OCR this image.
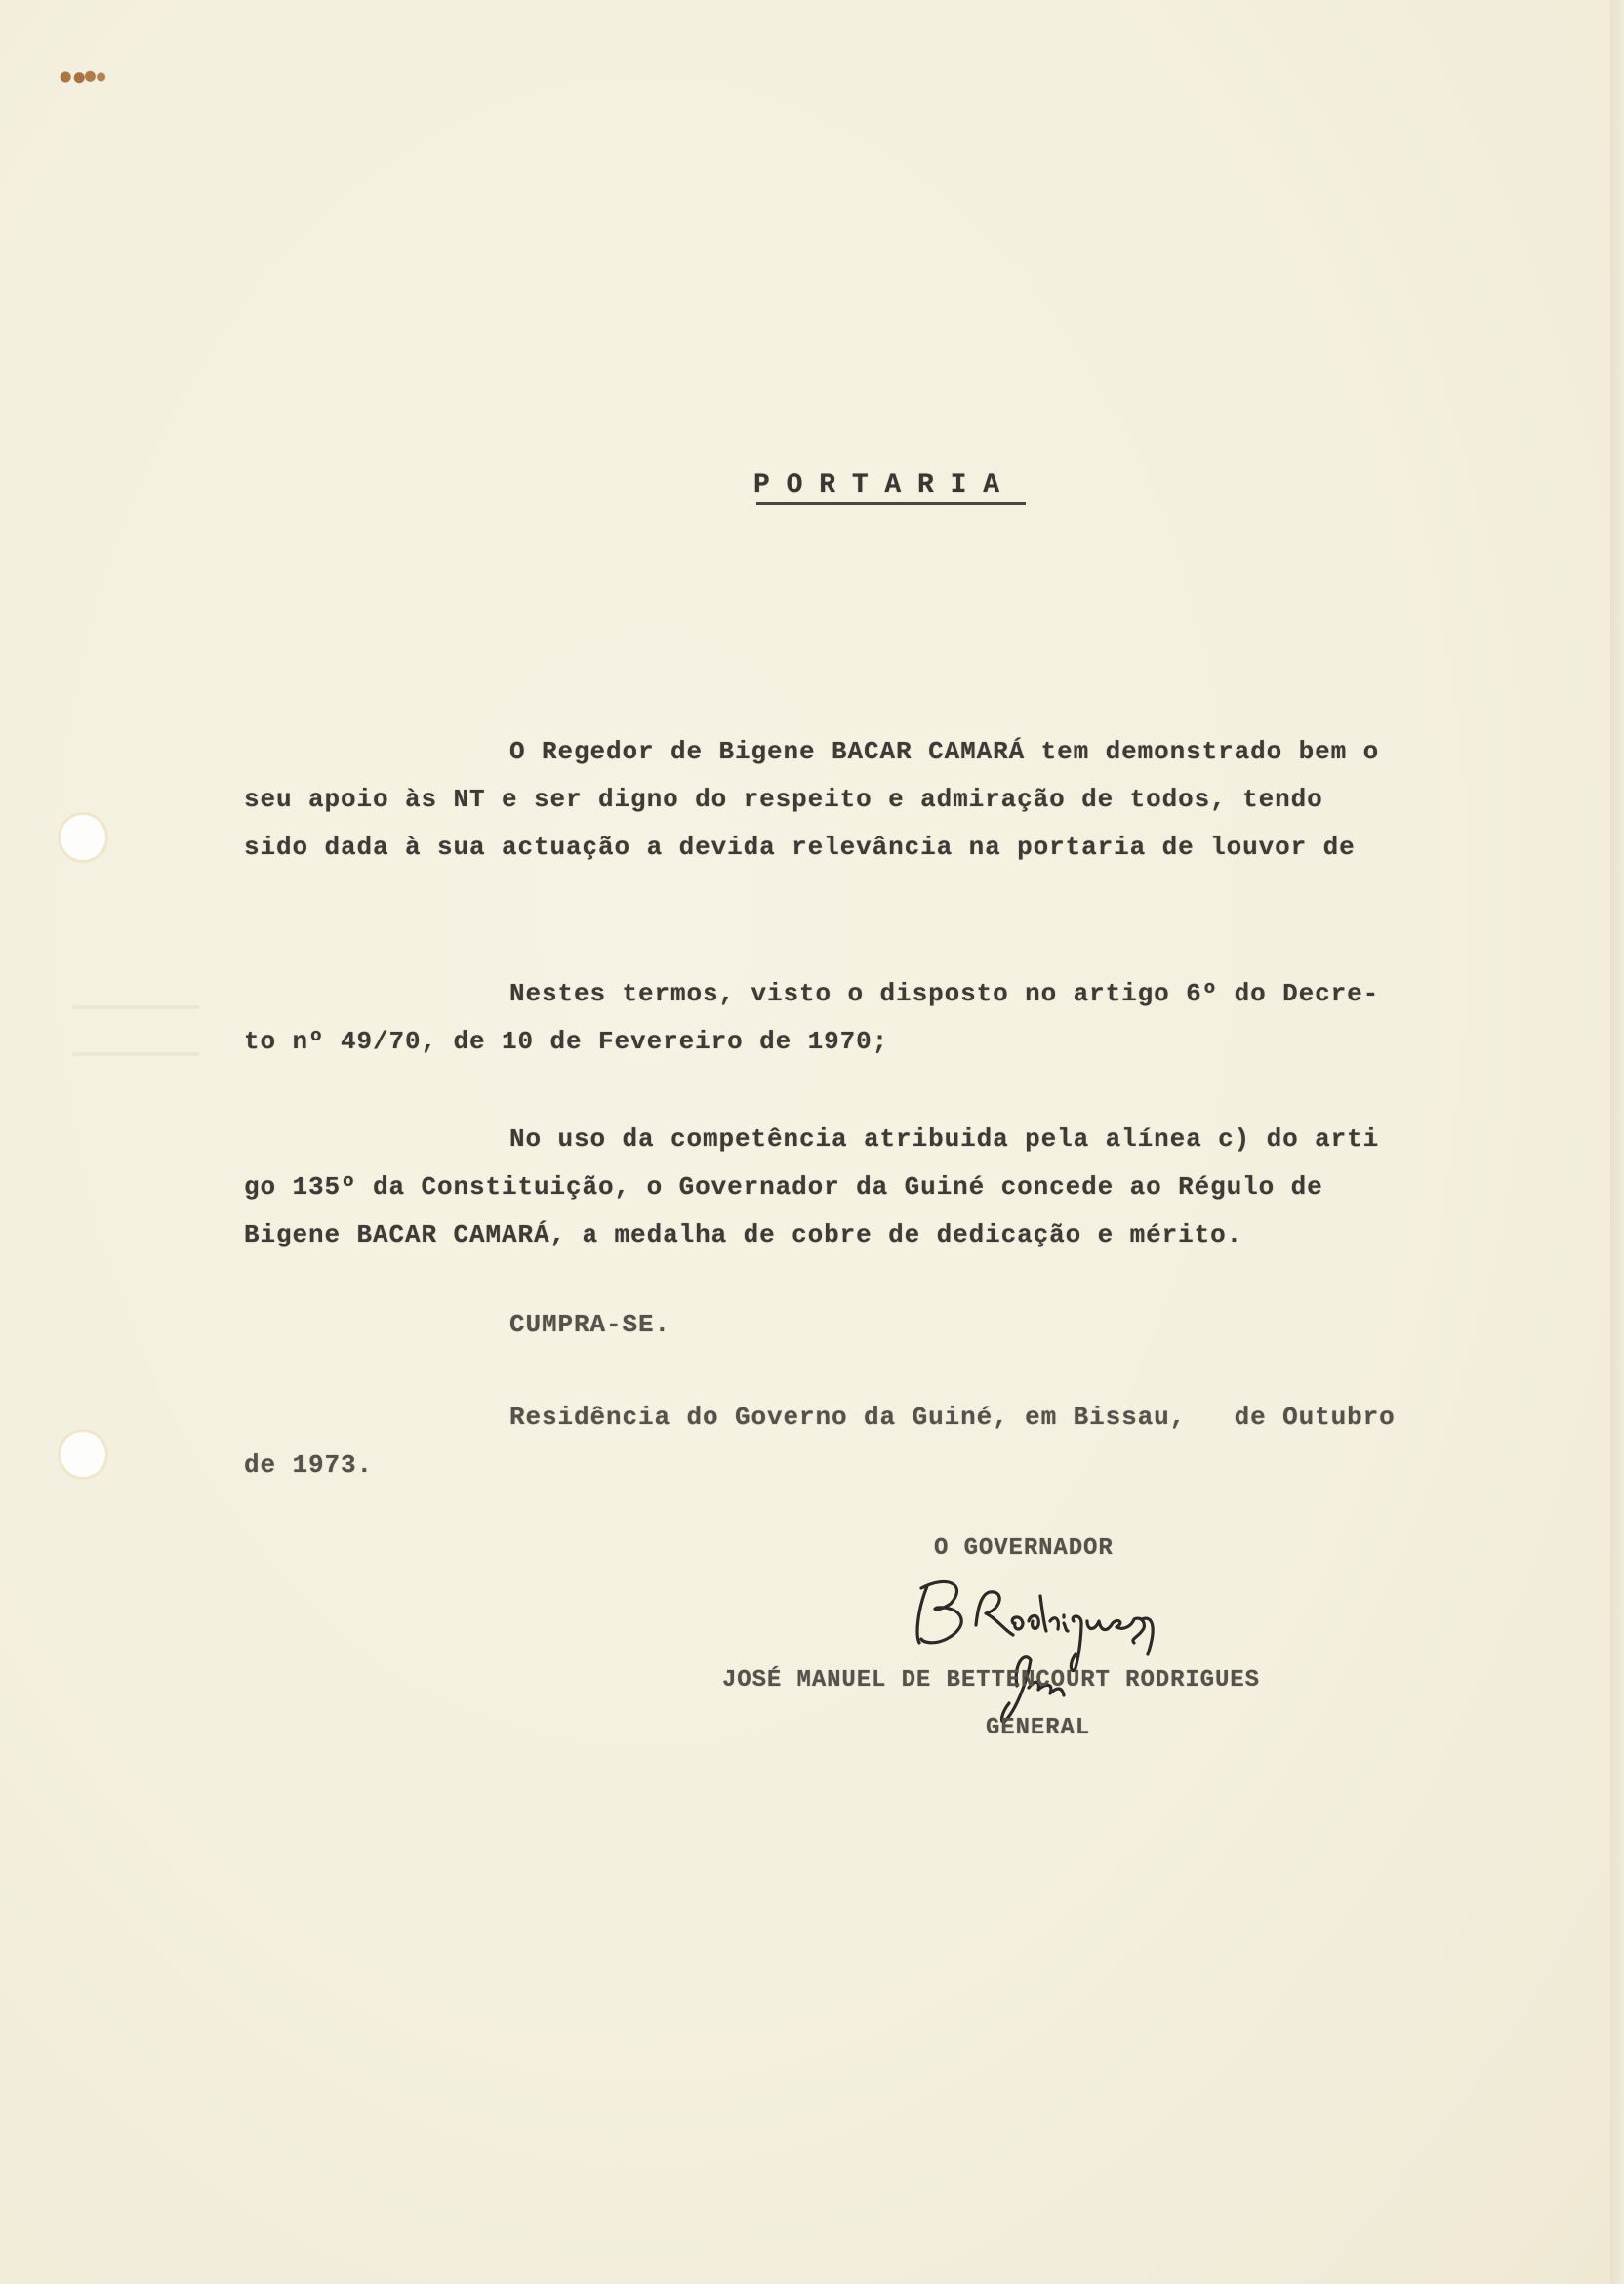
P O R T A R I A
O Regedor de Bigene BACAR CAMARÁ tem demonstrado bem o
seu apoio às NT e ser digno do respeito e admiração de todos, tendo
sido dada à sua actuação a devida relevância na portaria de louvor de
Nestes termos, visto o disposto no artigo 6º do Decre-
to nº 49/70, de 10 de Fevereiro de 1970;
No uso da competência atribuida pela alínea c) do arti
go 135º da Constituição, o Governador da Guiné concede ao Régulo de
Bigene BACAR CAMARÁ, a medalha de cobre de dedicação e mérito.
CUMPRA-SE.
Residência do Governo da Guiné, em Bissau,   de Outubro
de 1973.
O GOVERNADOR
JOSÉ MANUEL DE BETTENCOURT RODRIGUES
GENERAL
